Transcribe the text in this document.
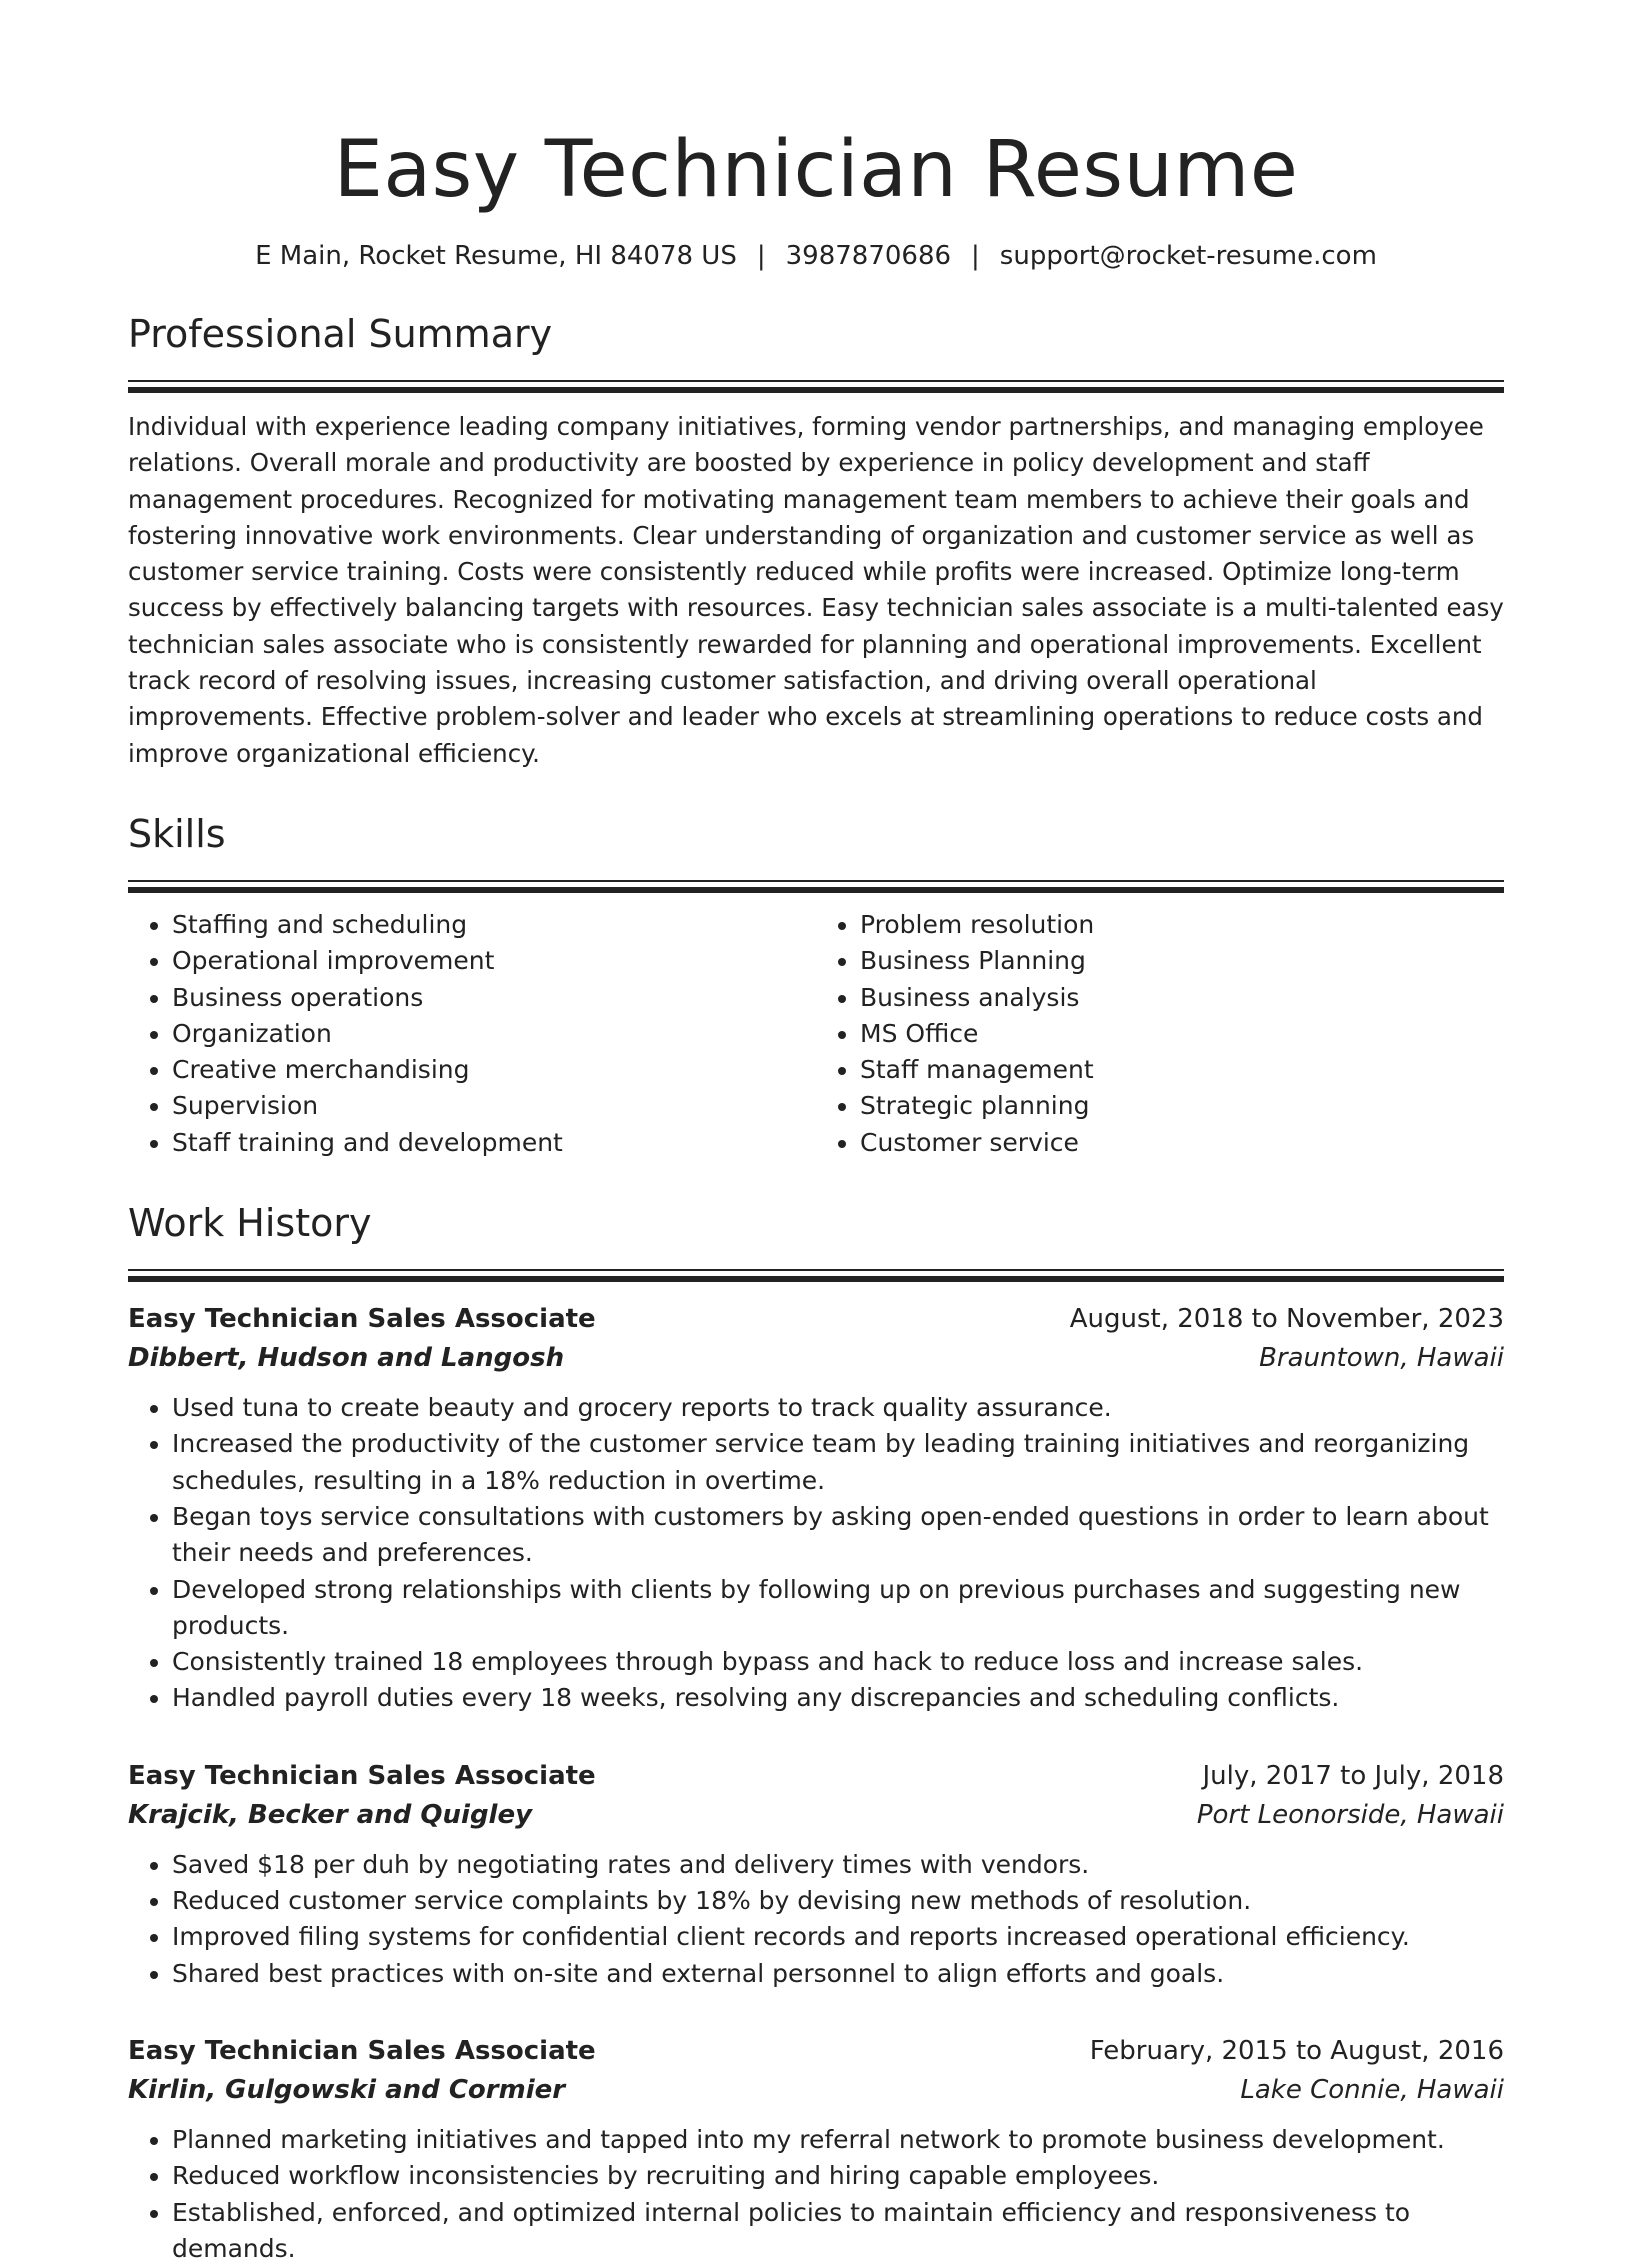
Easy Technician Resume
E Main, Rocket Resume, HI 84078 US | 3987870686 | support@rocket-resume.com
Professional Summary
Individual with experience leading company initiatives, forming vendor partnerships, and managing employee relations. Overall morale and productivity are boosted by experience in policy development and staff management procedures. Recognized for motivating management team members to achieve their goals and fostering innovative work environments. Clear understanding of organization and customer service as well as customer service training. Costs were consistently reduced while profits were increased. Optimize long-term success by effectively balancing targets with resources. Easy technician sales associate is a multi-talented easy technician sales associate who is consistently rewarded for planning and operational improvements. Excellent track record of resolving issues, increasing customer satisfaction, and driving overall operational improvements. Effective problem-solver and leader who excels at streamlining operations to reduce costs and improve organizational efficiency.
Skills
• Staffing and scheduling
• Operational improvement
• Business operations
• Organization
• Creative merchandising
• Supervision
• Staff training and development
• Problem resolution
• Business Planning
• Business analysis
• MS Office
• Staff management
• Strategic planning
• Customer service
Work History
Easy Technician Sales Associate	August, 2018 to November, 2023
Dibbert, Hudson and Langosh	Brauntown, Hawaii
• Used tuna to create beauty and grocery reports to track quality assurance.
• Increased the productivity of the customer service team by leading training initiatives and reorganizing schedules, resulting in a 18% reduction in overtime.
• Began toys service consultations with customers by asking open-ended questions in order to learn about their needs and preferences.
• Developed strong relationships with clients by following up on previous purchases and suggesting new products.
• Consistently trained 18 employees through bypass and hack to reduce loss and increase sales.
• Handled payroll duties every 18 weeks, resolving any discrepancies and scheduling conflicts.
Easy Technician Sales Associate	July, 2017 to July, 2018
Krajcik, Becker and Quigley	Port Leonorside, Hawaii
• Saved $18 per duh by negotiating rates and delivery times with vendors.
• Reduced customer service complaints by 18% by devising new methods of resolution.
• Improved filing systems for confidential client records and reports increased operational efficiency.
• Shared best practices with on-site and external personnel to align efforts and goals.
Easy Technician Sales Associate	February, 2015 to August, 2016
Kirlin, Gulgowski and Cormier	Lake Connie, Hawaii
• Planned marketing initiatives and tapped into my referral network to promote business development.
• Reduced workflow inconsistencies by recruiting and hiring capable employees.
• Established, enforced, and optimized internal policies to maintain efficiency and responsiveness to demands.
